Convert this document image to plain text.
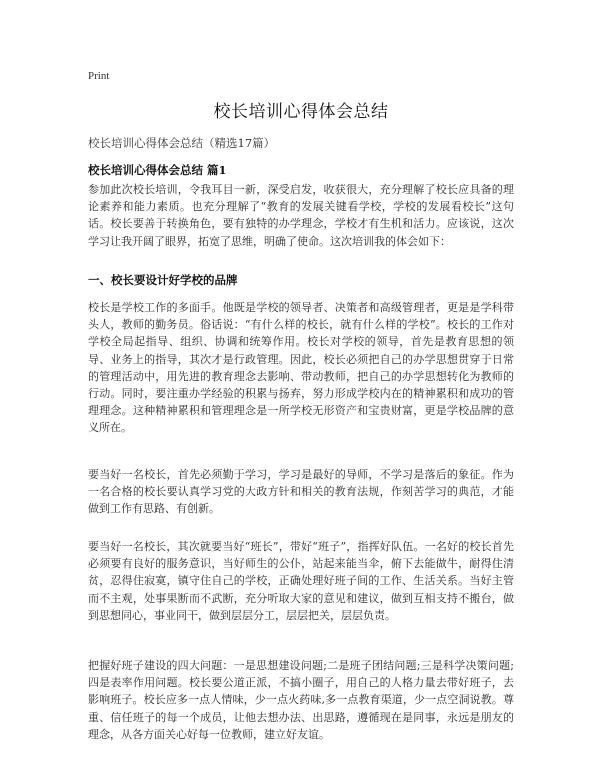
Print
校长培训心得体会总结
校长培训心得体会总结（精选17篇）
校长培训心得体会总结 篇1

参加此次校长培训，令我耳目一新，深受启发，收获很大，充分理解了校长应具备的理论素养和能力素质。也充分理解了“教育的发展关键看学校，学校的发展看校长”这句话。校长要善于转换角色，要有独特的办学理念，学校才有生机和活力。应该说，这次学习让我开阔了眼界，拓宽了思维，明确了使命。这次培训我的体会如下：

一、校长要设计好学校的品牌

校长是学校工作的多面手。他既是学校的领导者、决策者和高级管理者，更是是学科带头人，教师的勤务员。俗话说：“有什么样的校长，就有什么样的学校”。校长的工作对学校全局起指导、组织、协调和统筹作用。校长对学校的领导，首先是教育思想的领导、业务上的指导，其次才是行政管理。因此，校长必须把自己的办学思想贯穿于日常的管理活动中，用先进的教育理念去影响、带动教师，把自己的办学思想转化为教师的行动。同时，要注重办学经验的积累与扬弃，努力形成学校内在的精神累积和成功的管理理念。这种精神累积和管理理念是一所学校无形资产和宝贵财富，更是学校品牌的意义所在。

要当好一名校长，首先必须勤于学习，学习是最好的导师，不学习是落后的象征。作为一名合格的校长要认真学习党的大政方针和相关的教育法规，作刻苦学习的典范，才能做到工作有思路、有创新。

要当好一名校长，其次就要当好“班长”，带好“班子”，指挥好队伍。一名好的校长首先必须要有良好的服务意识，当好师生的公仆，站起来能当伞，俯下去能做牛，耐得住清贫，忍得住寂寞，镇守住自己的学校，正确处理好班子间的工作、生活关系。当好主管而不主观，处事果断而不武断，充分听取大家的意见和建议，做到互相支持不搬台，做到思想同心，事业同干，做到层层分工，层层把关，层层负责。

把握好班子建设的四大问题：一是思想建设问题;二是班子团结问题;三是科学决策问题;四是表率作用问题。校长要公道正派，不搞小圈子，用自己的人格力量去带好班子，去影响班子。校长应多一点人情味，少一点火药味,多一点教育渠道，少一点空洞说教。尊重、信任班子的每一个成员，让他去想办法、出思路，遵循现在是同事，永远是朋友的理念，从各方面关心好每一位教师，建立好友谊。
